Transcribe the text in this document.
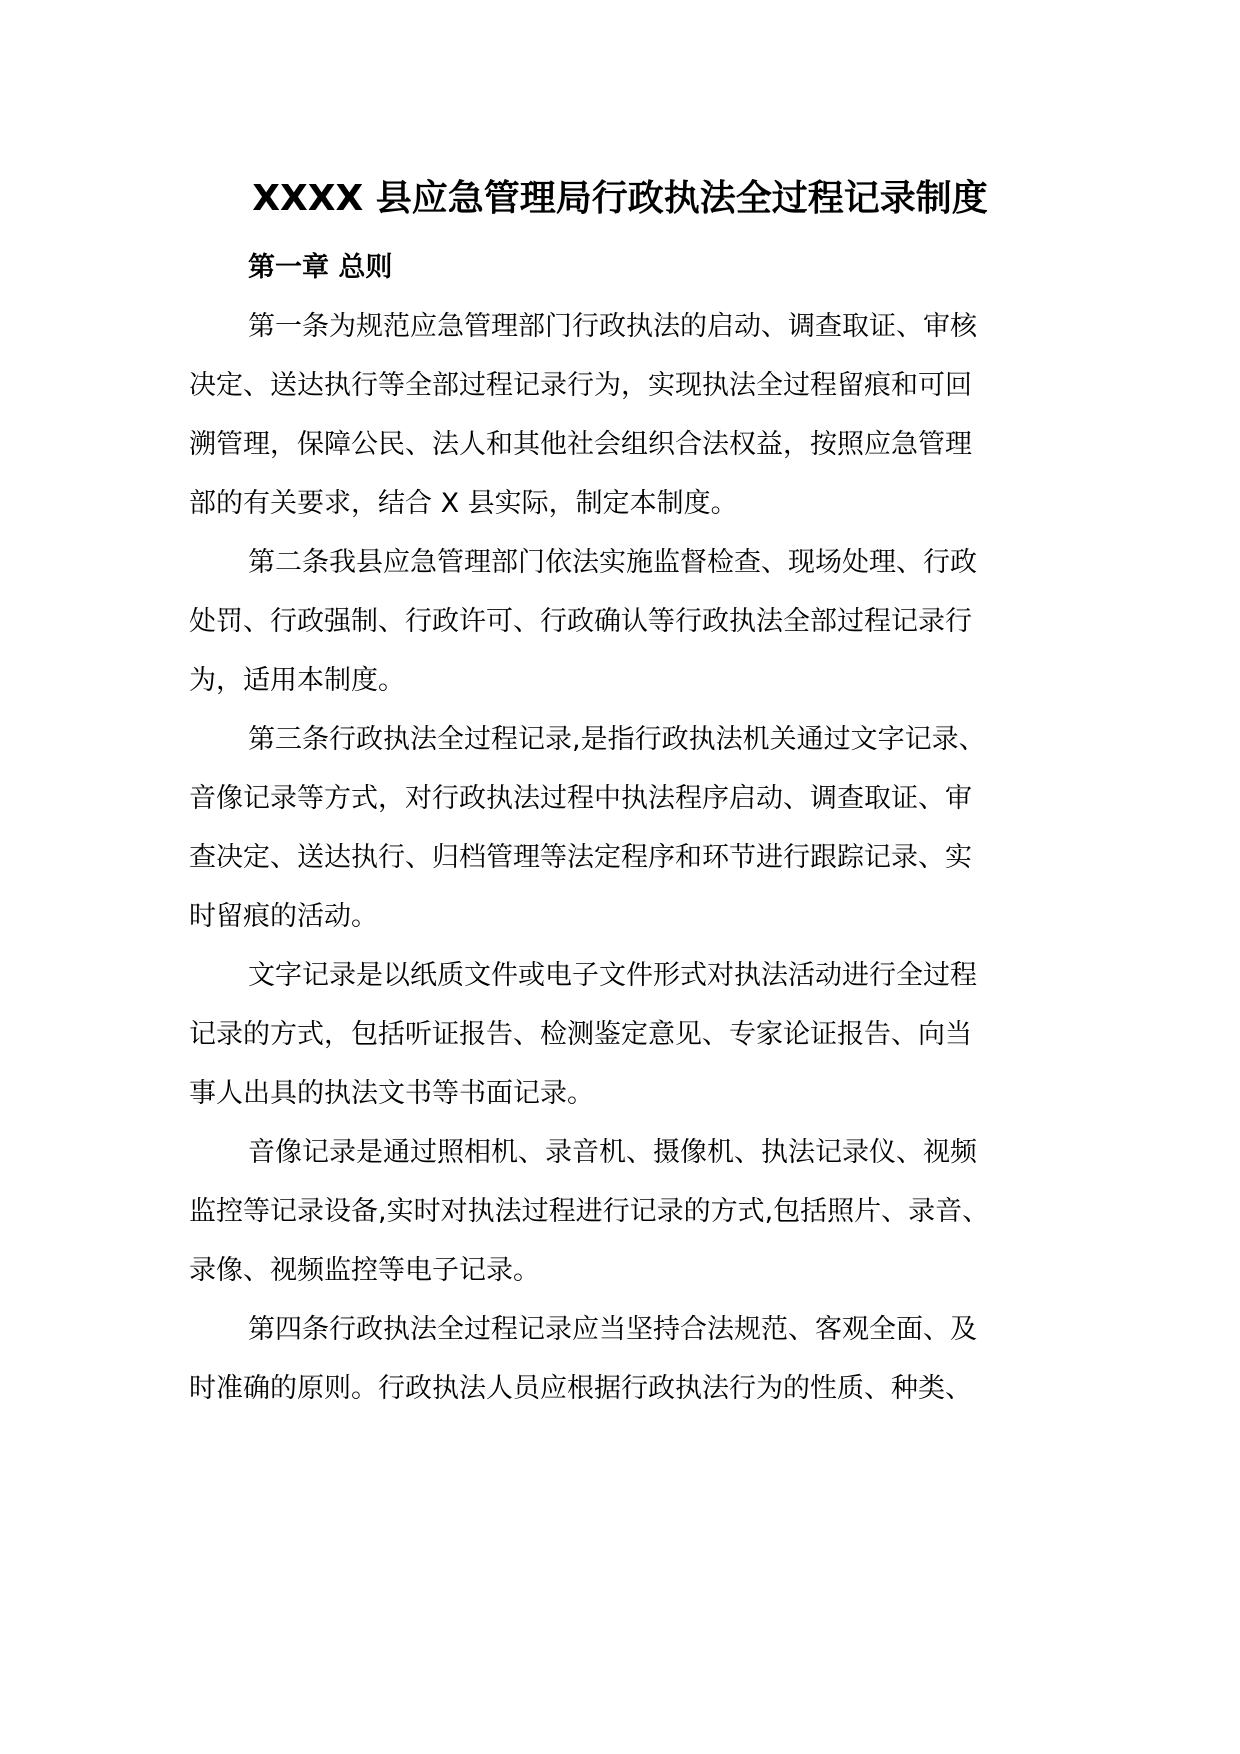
XXXX 县应急管理局行政执法全过程记录制度
第一章 总则
第一条为规范应急管理部门行政执法的启动、调查取证、审核
决定、送达执行等全部过程记录行为，实现执法全过程留痕和可回
溯管理，保障公民、法人和其他社会组织合法权益，按照应急管理
部的有关要求，结合 X 县实际，制定本制度。
第二条我县应急管理部门依法实施监督检查、现场处理、行政
处罚、行政强制、行政许可、行政确认等行政执法全部过程记录行
为，适用本制度。
第三条行政执法全过程记录,是指行政执法机关通过文字记录、
音像记录等方式，对行政执法过程中执法程序启动、调查取证、审
查决定、送达执行、归档管理等法定程序和环节进行跟踪记录、实
时留痕的活动。
文字记录是以纸质文件或电子文件形式对执法活动进行全过程
记录的方式，包括听证报告、检测鉴定意见、专家论证报告、向当
事人出具的执法文书等书面记录。
音像记录是通过照相机、录音机、摄像机、执法记录仪、视频
监控等记录设备,实时对执法过程进行记录的方式,包括照片、录音、
录像、视频监控等电子记录。
第四条行政执法全过程记录应当坚持合法规范、客观全面、及
时准确的原则。行政执法人员应根据行政执法行为的性质、种类、
